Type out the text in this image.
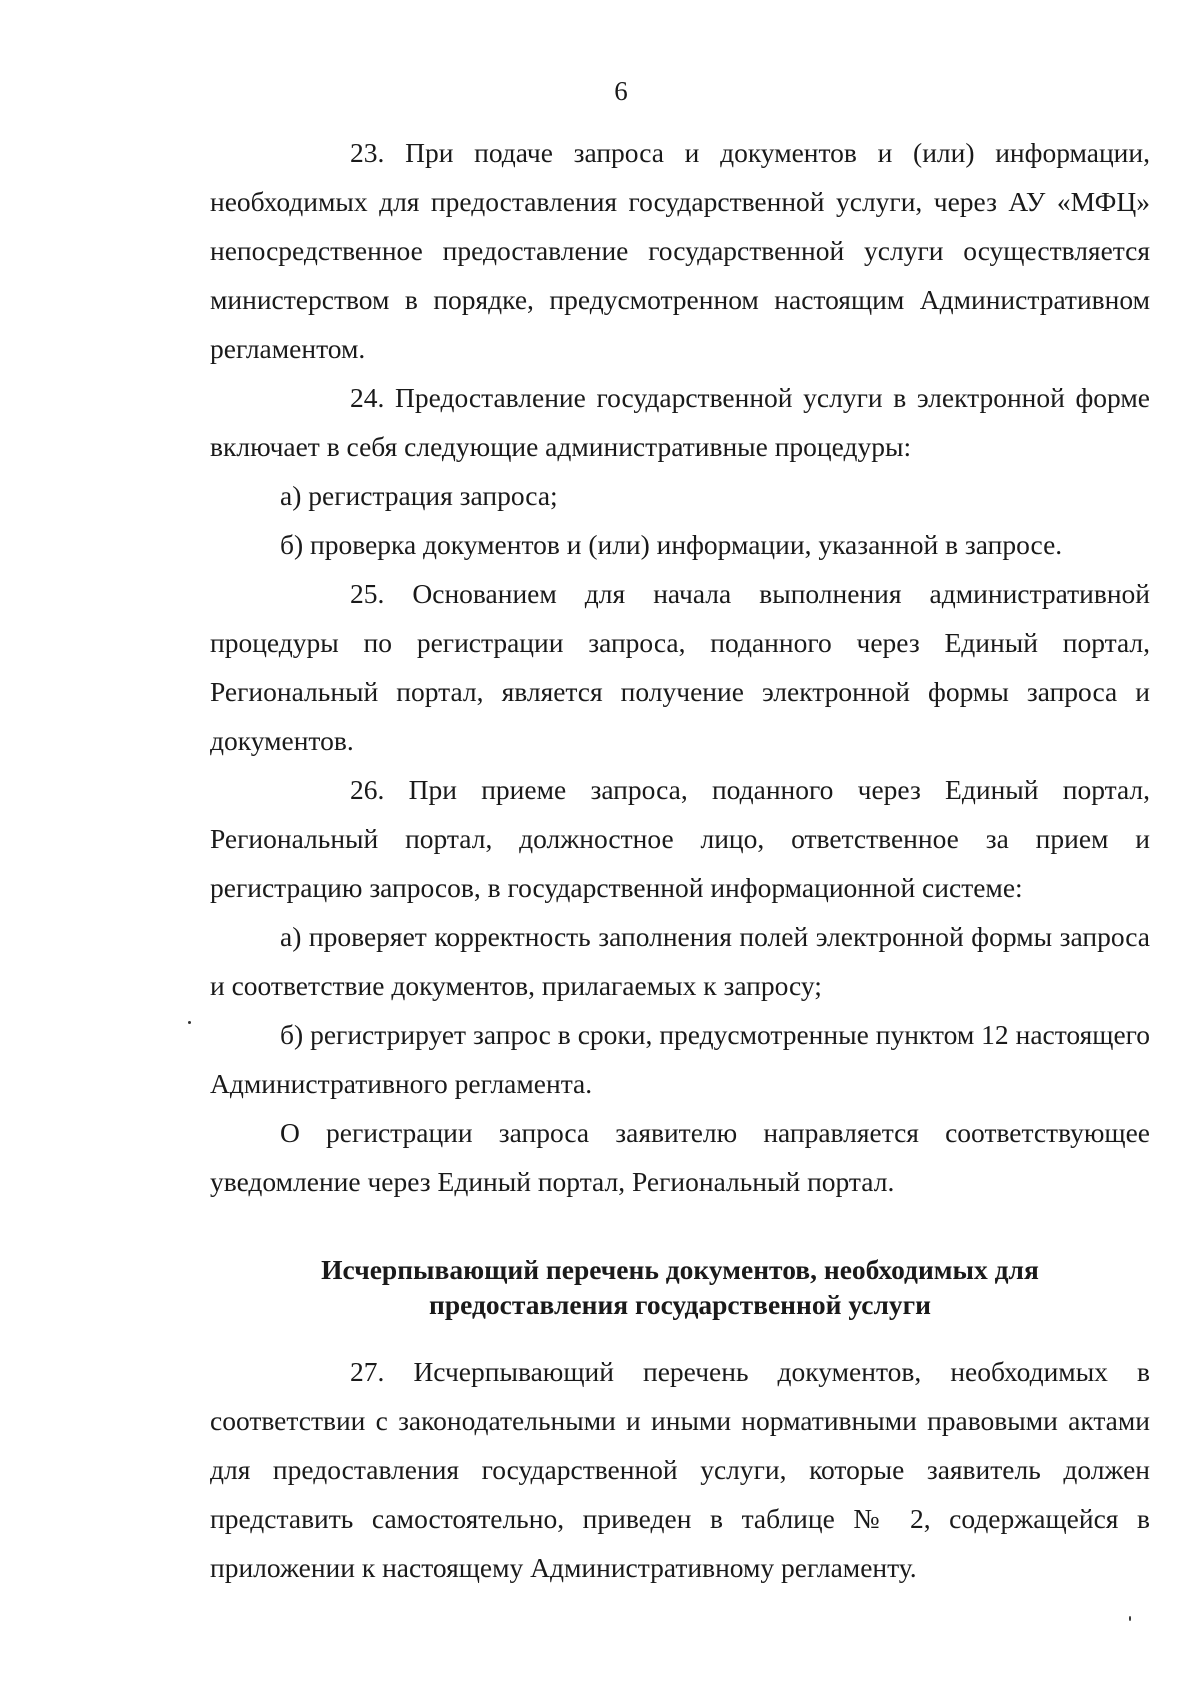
6

23. При подаче запроса и документов и (или) информации, необходимых для предоставления государственной услуги, через АУ «МФЦ» непосредственное предоставление государственной услуги осуществляется министерством в порядке, предусмотренном настоящим Административном регламентом.

24. Предоставление государственной услуги в электронной форме включает в себя следующие административные процедуры:

а) регистрация запроса;

б) проверка документов и (или) информации, указанной в запросе.

25. Основанием для начала выполнения административной процедуры по регистрации запроса, поданного через Единый портал, Региональный портал, является получение электронной формы запроса и документов.

26. При приеме запроса, поданного через Единый портал, Региональный портал, должностное лицо, ответственное за прием и регистрацию запросов, в государственной информационной системе:

а) проверяет корректность заполнения полей электронной формы запроса и соответствие документов, прилагаемых к запросу;

б) регистрирует запрос в сроки, предусмотренные пунктом 12 настоящего Административного регламента.

О регистрации запроса заявителю направляется соответствующее уведомление через Единый портал, Региональный портал.

Исчерпывающий перечень документов, необходимых для
предоставления государственной услуги

27. Исчерпывающий перечень документов, необходимых в соответствии с законодательными и иными нормативными правовыми актами для предоставления государственной услуги, которые заявитель должен представить самостоятельно, приведен в таблице № 2, содержащейся в приложении к настоящему Административному регламенту.
